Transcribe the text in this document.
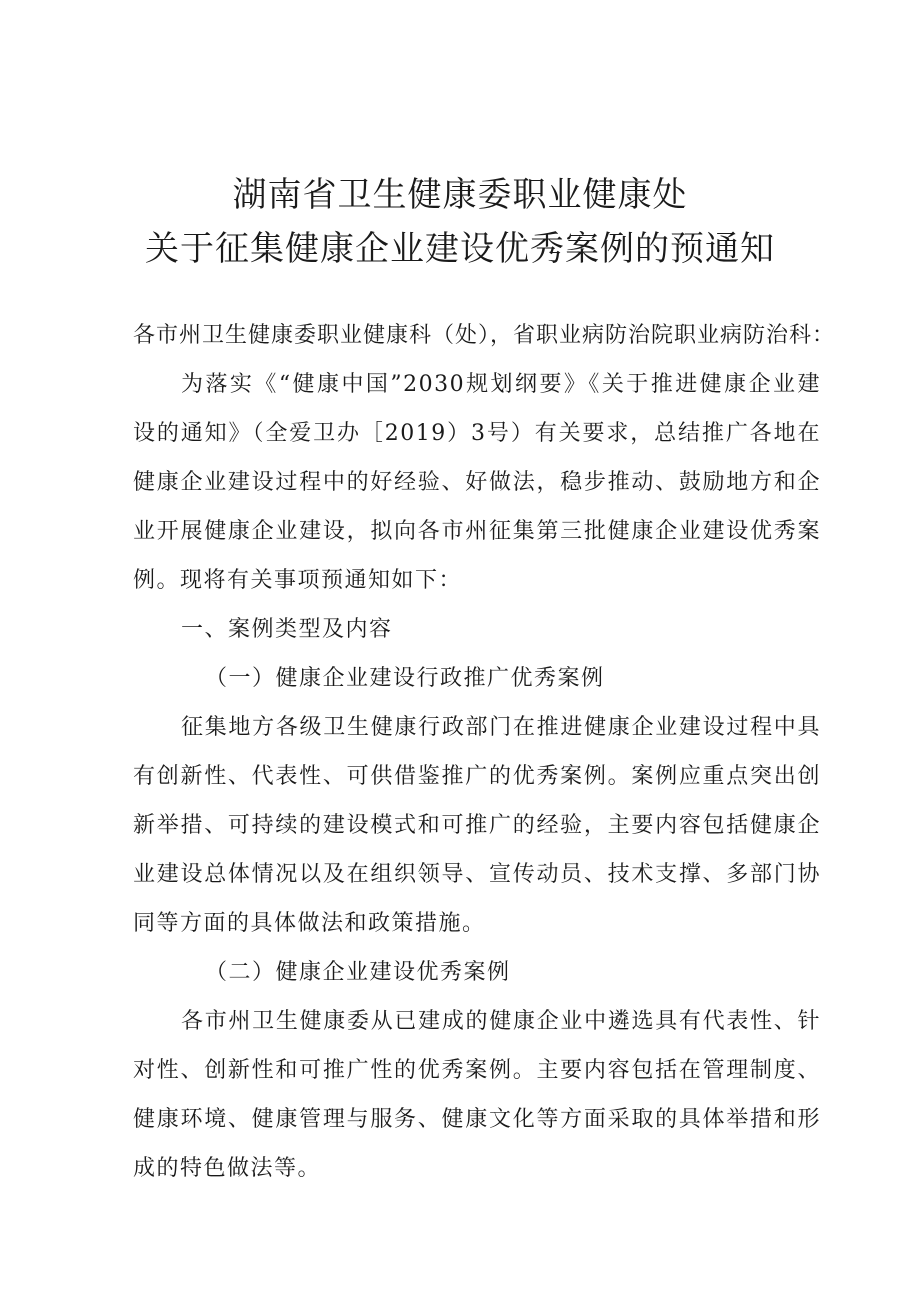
湖南省卫生健康委职业健康处
关于征集健康企业建设优秀案例的预通知

各市州卫生健康委职业健康科（处），省职业病防治院职业病防治科：

为落实《“健康中国”2030规划纲要》《关于推进健康企业建设的通知》（全爱卫办［2019）3号）有关要求，总结推广各地在健康企业建设过程中的好经验、好做法，稳步推动、鼓励地方和企业开展健康企业建设，拟向各市州征集第三批健康企业建设优秀案例。现将有关事项预通知如下：

一、案例类型及内容

（一）健康企业建设行政推广优秀案例

征集地方各级卫生健康行政部门在推进健康企业建设过程中具有创新性、代表性、可供借鉴推广的优秀案例。案例应重点突出创新举措、可持续的建设模式和可推广的经验，主要内容包括健康企业建设总体情况以及在组织领导、宣传动员、技术支撑、多部门协同等方面的具体做法和政策措施。

（二）健康企业建设优秀案例

各市州卫生健康委从已建成的健康企业中遴选具有代表性、针对性、创新性和可推广性的优秀案例。主要内容包括在管理制度、健康环境、健康管理与服务、健康文化等方面采取的具体举措和形成的特色做法等。
